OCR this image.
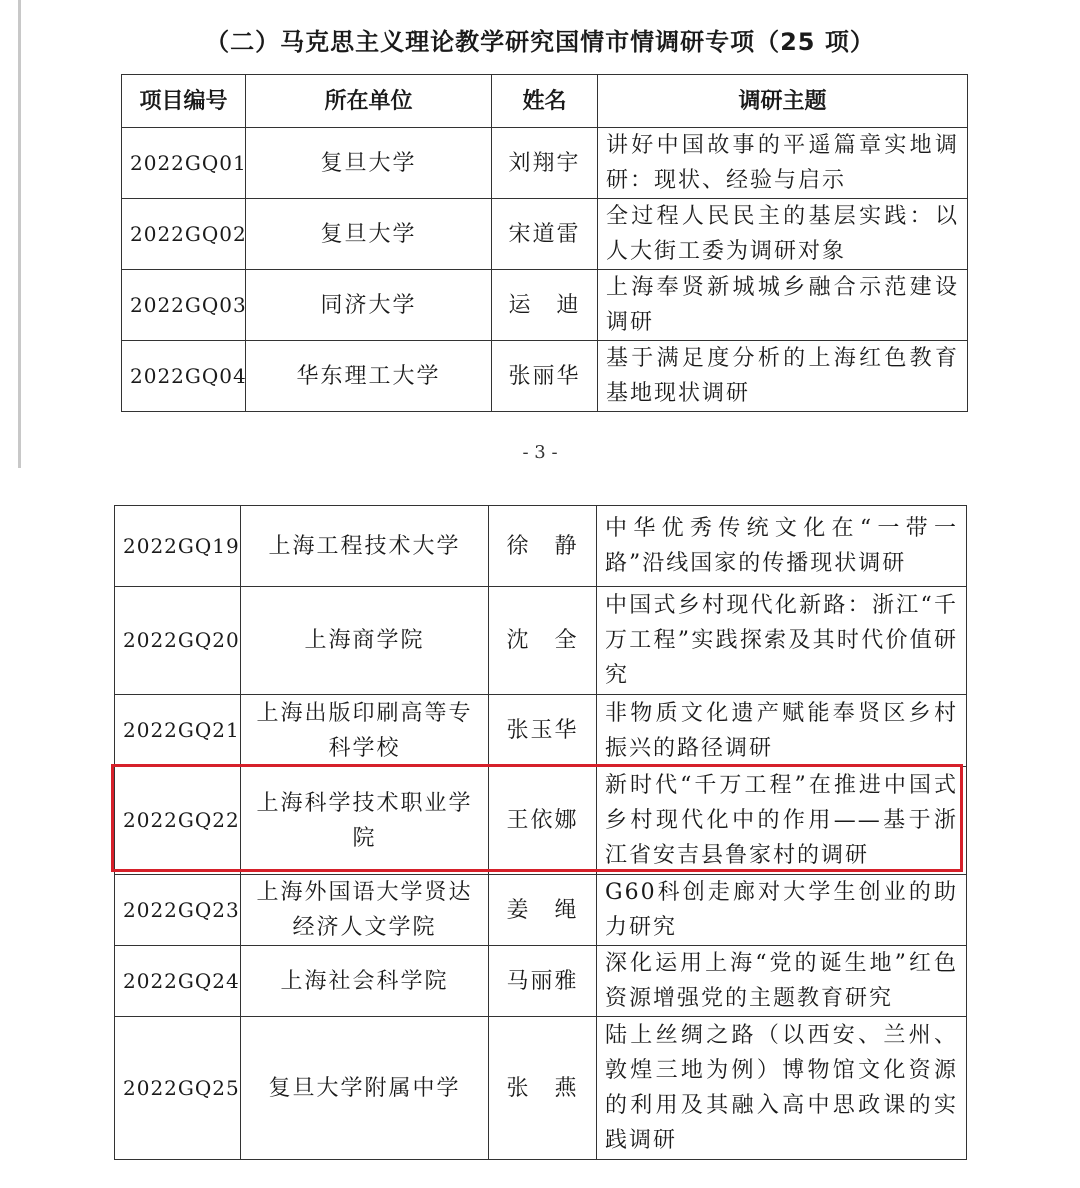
（二）马克思主义理论教学研究国情市情调研专项（25 项）
项目编号	所在单位	姓名	调研主题
2022GQ01	复旦大学	刘翔宇	讲好中国故事的平遥篇章实地调研：现状、经验与启示
2022GQ02	复旦大学	宋道雷	全过程人民民主的基层实践：以人大街工委为调研对象
2022GQ03	同济大学	运　迪	上海奉贤新城城乡融合示范建设调研
2022GQ04	华东理工大学	张丽华	基于满足度分析的上海红色教育基地现状调研
- 3 -
2022GQ19	上海工程技术大学	徐　静	中华优秀传统文化在“一带一路”沿线国家的传播现状调研
2022GQ20	上海商学院	沈　全	中国式乡村现代化新路：浙江“千万工程”实践探索及其时代价值研究
2022GQ21	上海出版印刷高等专科学校	张玉华	非物质文化遗产赋能奉贤区乡村振兴的路径调研
2022GQ22	上海科学技术职业学院	王依娜	新时代“千万工程”在推进中国式乡村现代化中的作用——基于浙江省安吉县鲁家村的调研
2022GQ23	上海外国语大学贤达经济人文学院	姜　绳	G60科创走廊对大学生创业的助力研究
2022GQ24	上海社会科学院	马丽雅	深化运用上海“党的诞生地”红色资源增强党的主题教育研究
2022GQ25	复旦大学附属中学	张　燕	陆上丝绸之路（以西安、兰州、敦煌三地为例）博物馆文化资源的利用及其融入高中思政课的实践调研
